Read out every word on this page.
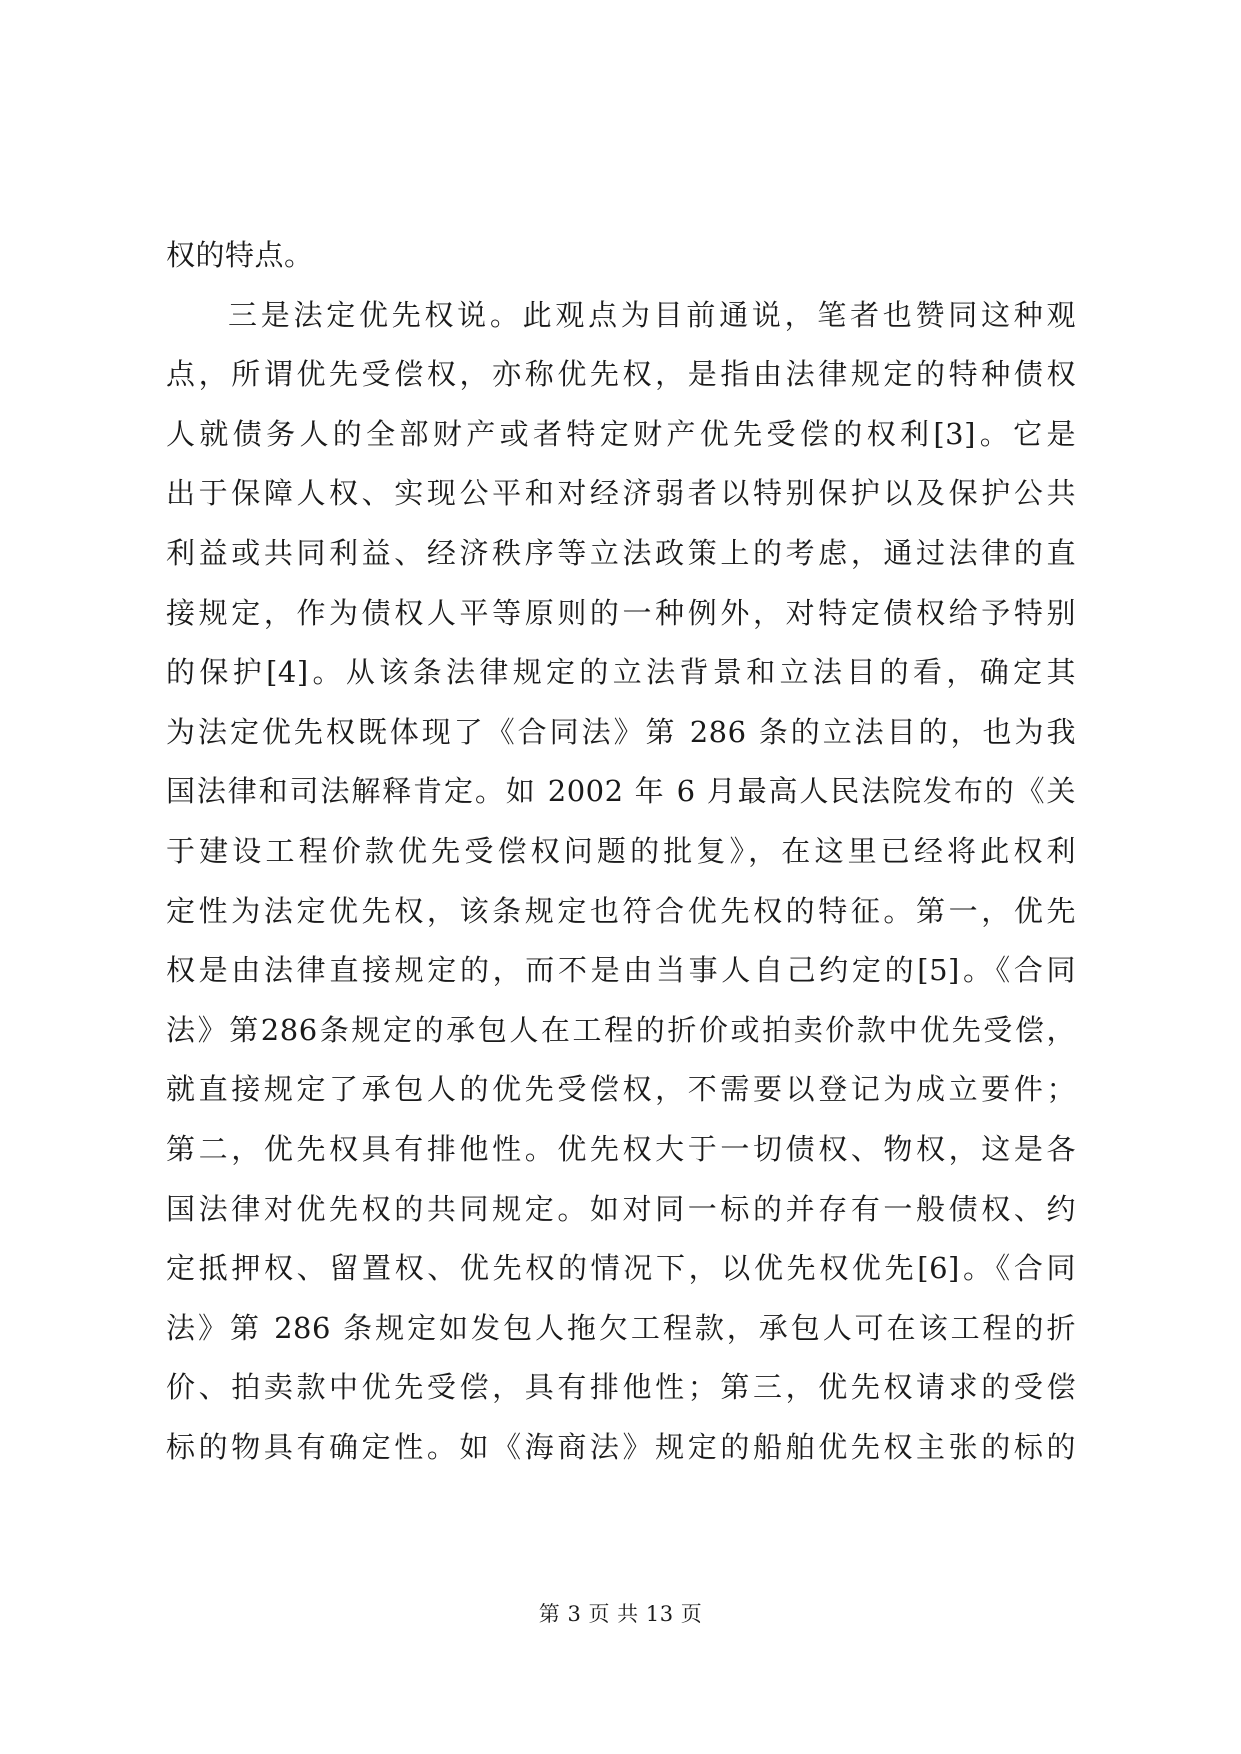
权的特点。
三是法定优先权说。此观点为目前通说，笔者也赞同这种观
点，所谓优先受偿权，亦称优先权，是指由法律规定的特种债权
人就债务人的全部财产或者特定财产优先受偿的权利[3]。它是
出于保障人权、实现公平和对经济弱者以特别保护以及保护公共
利益或共同利益、经济秩序等立法政策上的考虑，通过法律的直
接规定，作为债权人平等原则的一种例外，对特定债权给予特别
的保护[4]。从该条法律规定的立法背景和立法目的看，确定其
为法定优先权既体现了《合同法》第 286 条的立法目的，也为我
国法律和司法解释肯定。如 2002 年 6 月最高人民法院发布的《关
于建设工程价款优先受偿权问题的批复》，在这里已经将此权利
定性为法定优先权，该条规定也符合优先权的特征。第一，优先
权是由法律直接规定的，而不是由当事人自己约定的[5]。《合同
法》第286条规定的承包人在工程的折价或拍卖价款中优先受偿，
就直接规定了承包人的优先受偿权，不需要以登记为成立要件；
第二，优先权具有排他性。优先权大于一切债权、物权，这是各
国法律对优先权的共同规定。如对同一标的并存有一般债权、约
定抵押权、留置权、优先权的情况下，以优先权优先[6]。《合同
法》第 286 条规定如发包人拖欠工程款，承包人可在该工程的折
价、拍卖款中优先受偿，具有排他性；第三，优先权请求的受偿
标的物具有确定性。如《海商法》规定的船舶优先权主张的标的
第 3 页 共 13 页
